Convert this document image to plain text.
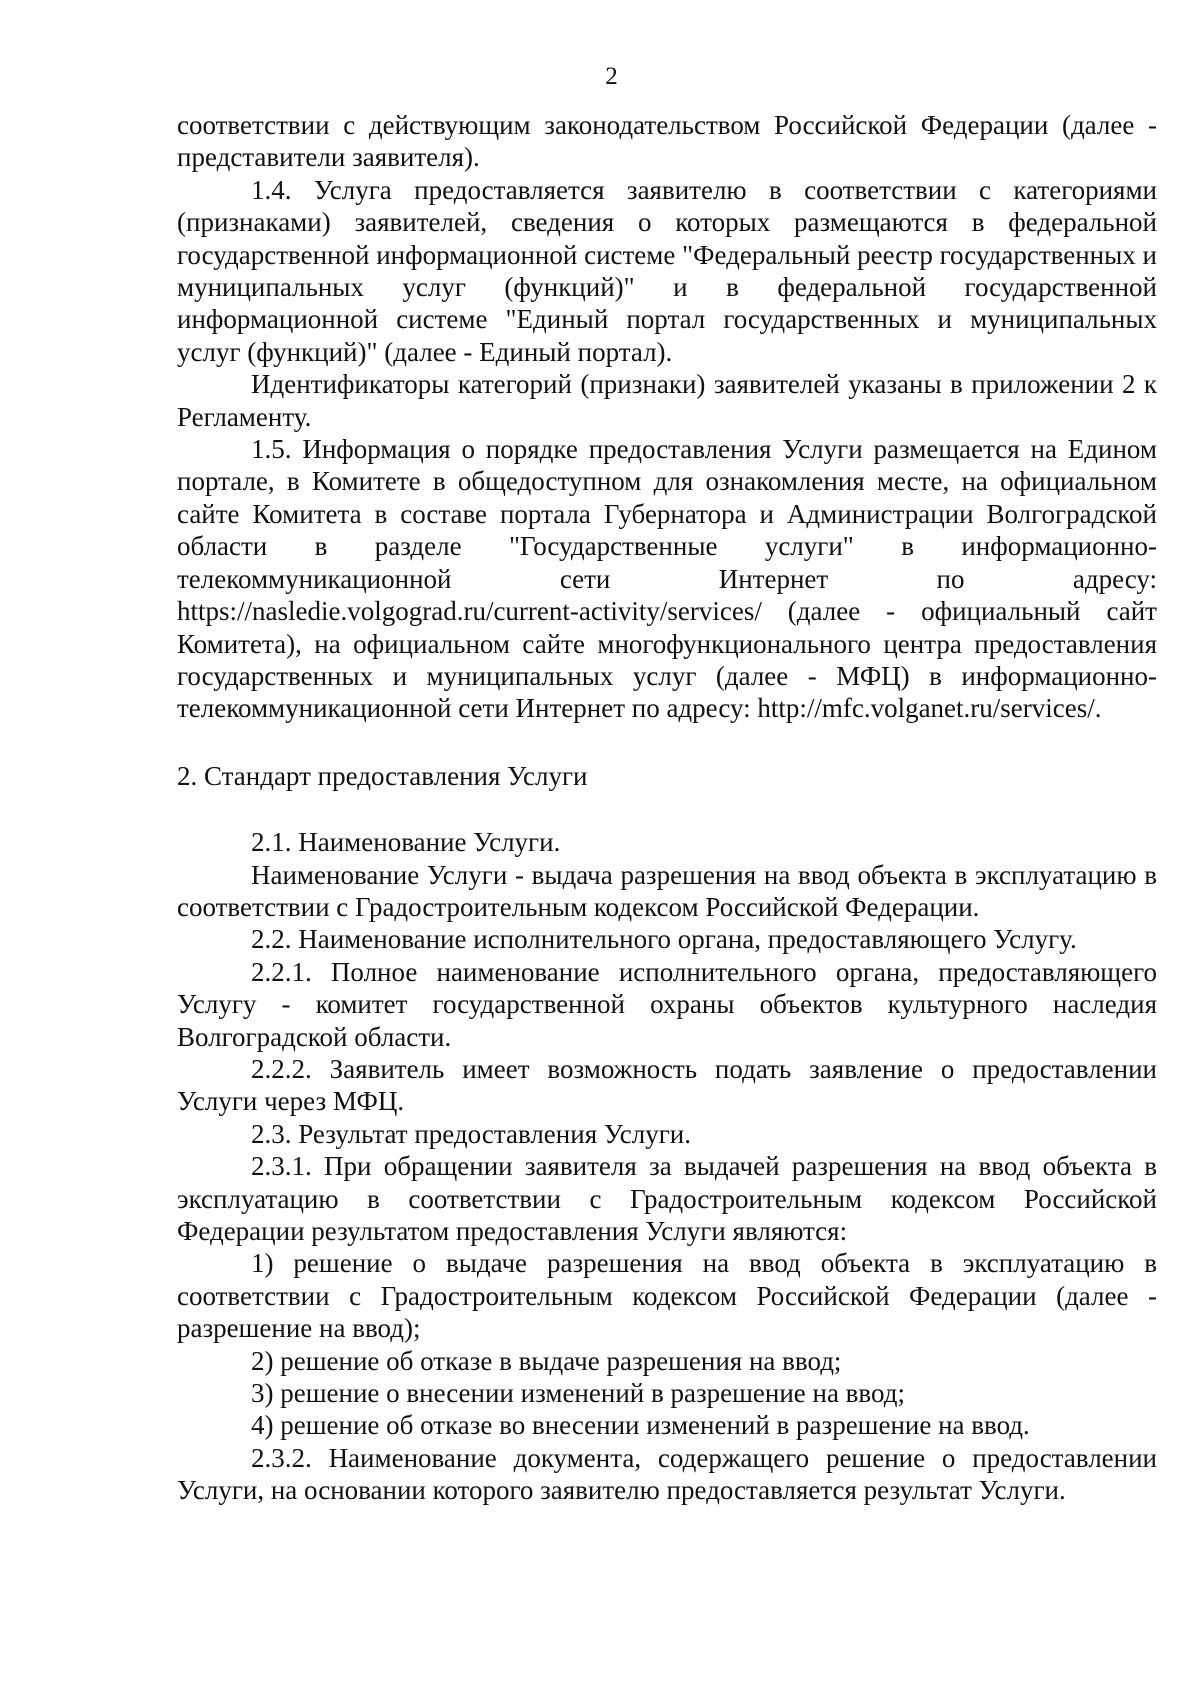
2

соответствии с действующим законодательством Российской Федерации (далее - представители заявителя).

1.4. Услуга предоставляется заявителю в соответствии с категориями (признаками) заявителей, сведения о которых размещаются в федеральной государственной информационной системе "Федеральный реестр государственных и муниципальных услуг (функций)" и в федеральной государственной информационной системе "Единый портал государственных и муниципальных услуг (функций)" (далее - Единый портал).

Идентификаторы категорий (признаки) заявителей указаны в приложении 2 к Регламенту.

1.5. Информация о порядке предоставления Услуги размещается на Едином портале, в Комитете в общедоступном для ознакомления месте, на официальном сайте Комитета в составе портала Губернатора и Администрации Волгоградской области в разделе "Государственные услуги" в информационно-телекоммуникационной сети Интернет по адресу: https://nasledie.volgograd.ru/current-activity/services/ (далее - официальный сайт Комитета), на официальном сайте многофункционального центра предоставления государственных и муниципальных услуг (далее - МФЦ) в информационно-телекоммуникационной сети Интернет по адресу: http://mfc.volganet.ru/services/.

2. Стандарт предоставления Услуги

2.1. Наименование Услуги.

Наименование Услуги - выдача разрешения на ввод объекта в эксплуатацию в соответствии с Градостроительным кодексом Российской Федерации.

2.2. Наименование исполнительного органа, предоставляющего Услугу.

2.2.1. Полное наименование исполнительного органа, предоставляющего Услугу - комитет государственной охраны объектов культурного наследия Волгоградской области.

2.2.2. Заявитель имеет возможность подать заявление о предоставлении Услуги через МФЦ.

2.3. Результат предоставления Услуги.

2.3.1. При обращении заявителя за выдачей разрешения на ввод объекта в эксплуатацию в соответствии с Градостроительным кодексом Российской Федерации результатом предоставления Услуги являются:

1) решение о выдаче разрешения на ввод объекта в эксплуатацию в соответствии с Градостроительным кодексом Российской Федерации (далее - разрешение на ввод);

2) решение об отказе в выдаче разрешения на ввод;

3) решение о внесении изменений в разрешение на ввод;

4) решение об отказе во внесении изменений в разрешение на ввод.

2.3.2. Наименование документа, содержащего решение о предоставлении Услуги, на основании которого заявителю предоставляется результат Услуги.
